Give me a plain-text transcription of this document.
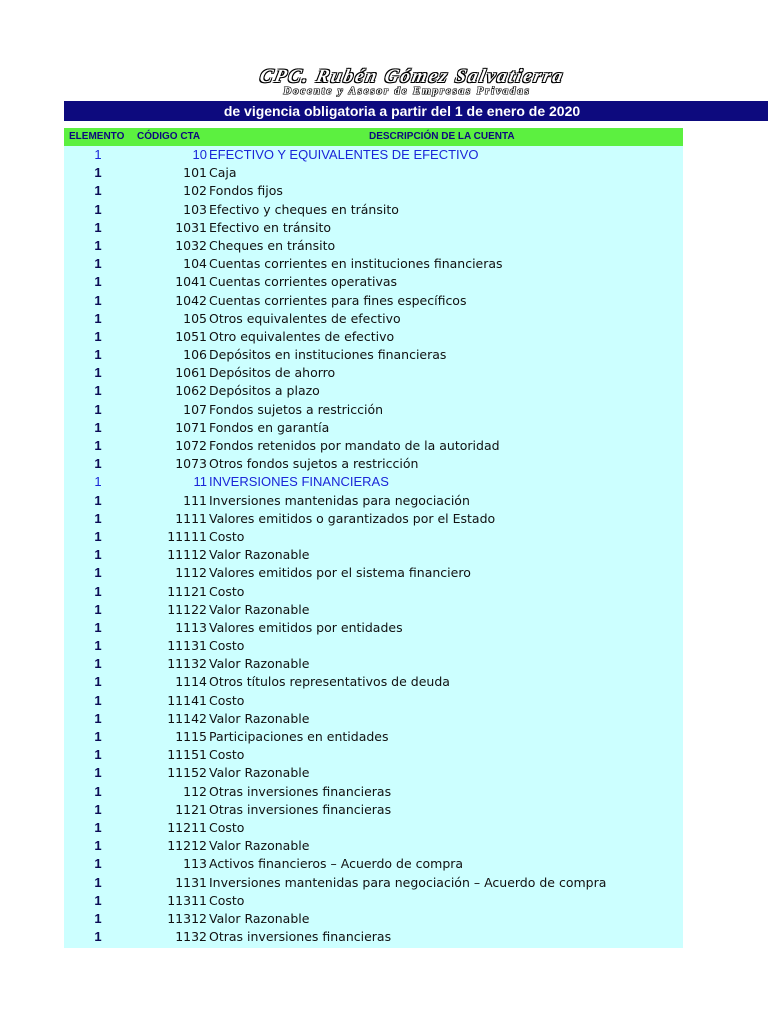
CPC. Rubén Gómez Salvatierra
Docente y Asesor de Empresas Privadas
de vigencia obligatoria a partir del 1 de enero de 2020
ELEMENTO CÓDIGO CTA	DESCRIPCIÓN DE LA CUENTA
1	10 EFECTIVO Y EQUIVALENTES DE EFECTIVO
1	101 Caja
1	102 Fondos fijos
1	103 Efectivo y cheques en tránsito
1	1031 Efectivo en tránsito
1	1032 Cheques en tránsito
1	104 Cuentas corrientes en instituciones financieras
1	1041 Cuentas corrientes operativas
1	1042 Cuentas corrientes para fines específicos
1	105 Otros equivalentes de efectivo
1	1051 Otro equivalentes de efectivo
1	106 Depósitos en instituciones financieras
1	1061 Depósitos de ahorro
1	1062 Depósitos a plazo
1	107 Fondos sujetos a restricción
1	1071 Fondos en garantía
1	1072 Fondos retenidos por mandato de la autoridad
1	1073 Otros fondos sujetos a restricción
1	11 INVERSIONES FINANCIERAS
1	111 Inversiones mantenidas para negociación
1	1111 Valores emitidos o garantizados por el Estado
1	11111 Costo
1	11112 Valor Razonable
1	1112 Valores emitidos por el sistema financiero
1	11121 Costo
1	11122 Valor Razonable
1	1113 Valores emitidos por entidades
1	11131 Costo
1	11132 Valor Razonable
1	1114 Otros títulos representativos de deuda
1	11141 Costo
1	11142 Valor Razonable
1	1115 Participaciones en entidades
1	11151 Costo
1	11152 Valor Razonable
1	112 Otras inversiones financieras
1	1121 Otras inversiones financieras
1	11211 Costo
1	11212 Valor Razonable
1	113 Activos financieros – Acuerdo de compra
1	1131 Inversiones mantenidas para negociación – Acuerdo de compra
1	11311 Costo
1	11312 Valor Razonable
1	1132 Otras inversiones financieras
